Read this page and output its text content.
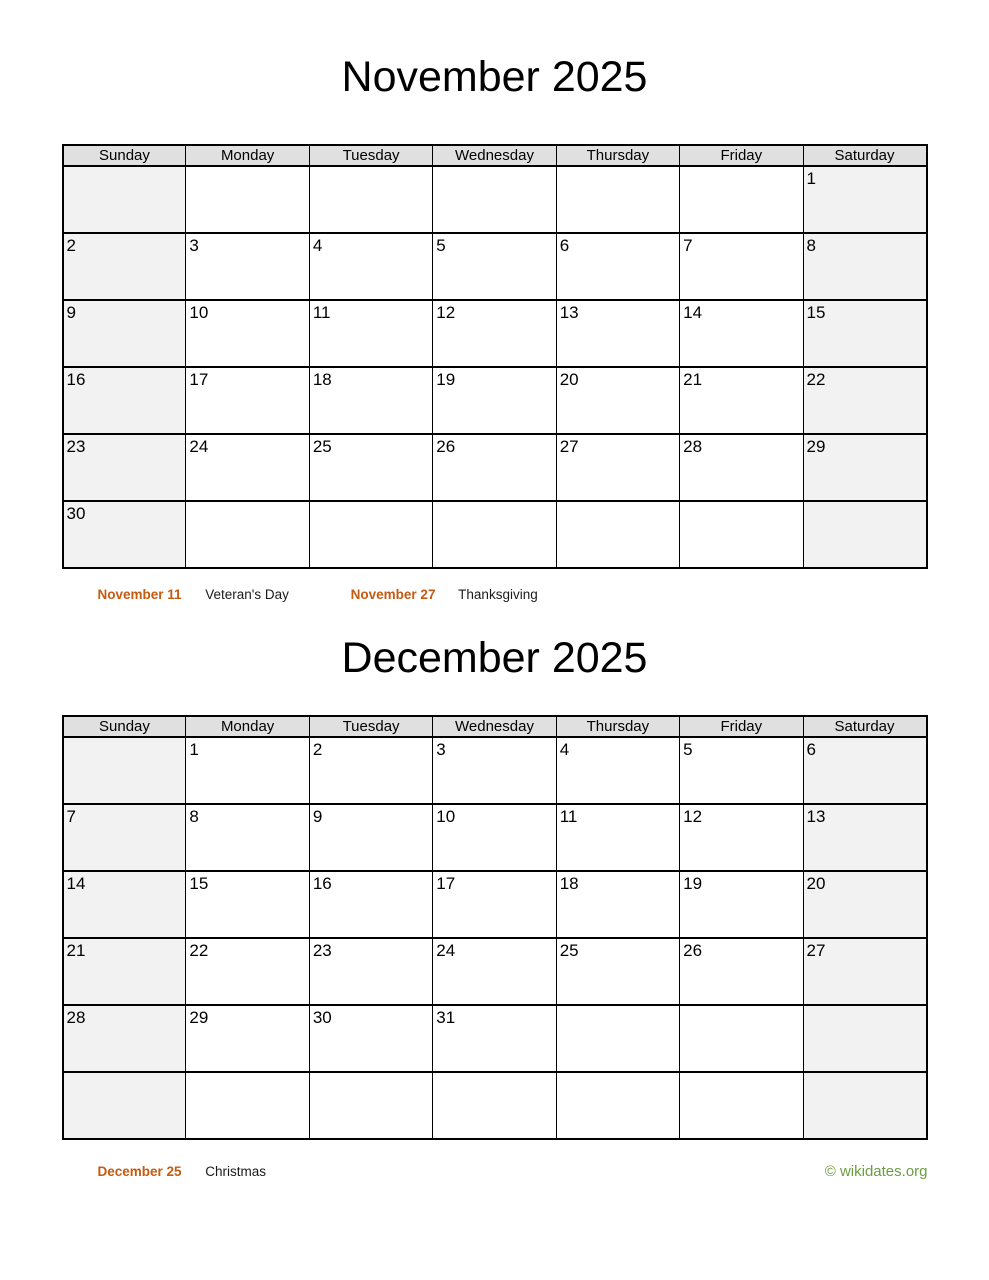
November 2025
Sunday	Monday	Tuesday	Wednesday	Thursday	Friday	Saturday
						1
2	3	4	5	6	7	8
9	10	11	12	13	14	15
16	17	18	19	20	21	22
23	24	25	26	27	28	29
30						
November 11 Veteran's Day	November 27 Thanksgiving
December 2025
Sunday	Monday	Tuesday	Wednesday	Thursday	Friday	Saturday
	1	2	3	4	5	6
7	8	9	10	11	12	13
14	15	16	17	18	19	20
21	22	23	24	25	26	27
28	29	30	31			

December 25 Christmas	© wikidates.org
